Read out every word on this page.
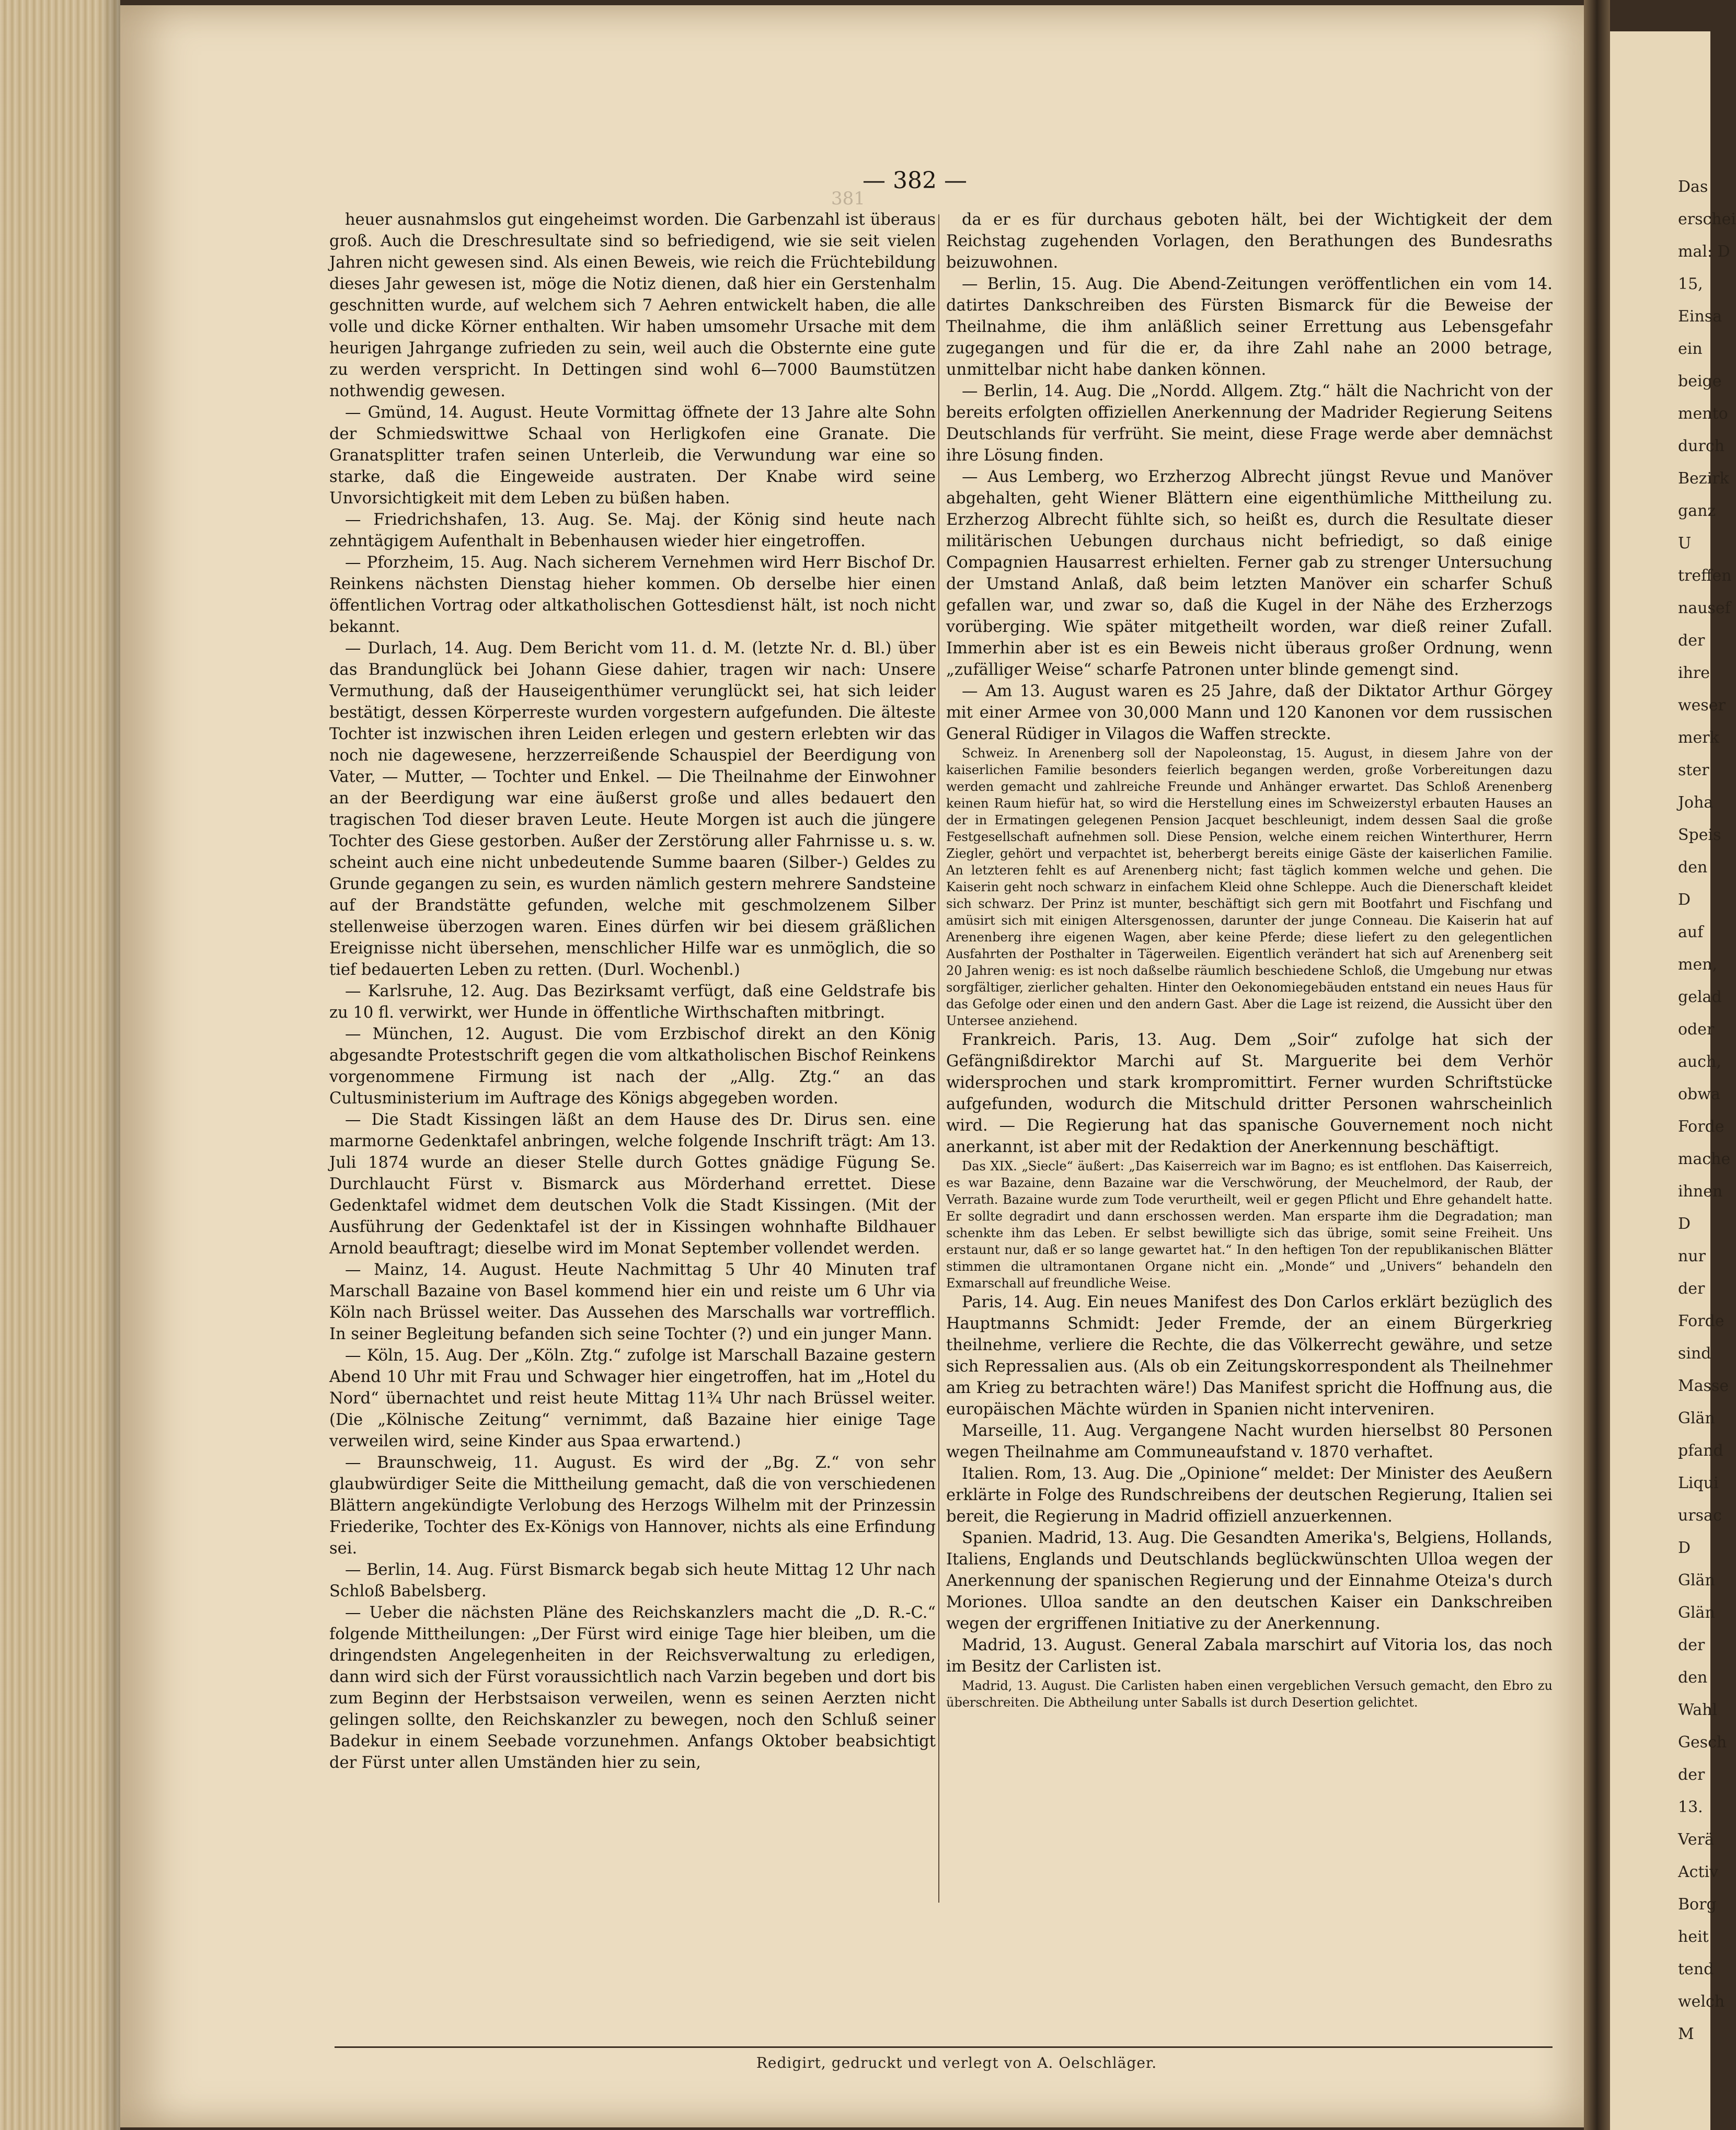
Das
erschei
mal: D
15,
Einsa
ein
beige
mento
durch
Bezirk
ganz
U
treffen
nausef
der
ihre
weser
merk
ster
Joha
Speis
den
D
auf
men,
gelad
oder
auch,
obwa
Forde
mache
ihnen
D
nur
der
Forde
sind
Masse
Glän
pfand
Liqui
ursac
D
Glän
Glän
der
den
Wahl
Gesch
der
13.
Verä
Activ
Borg
heit
tend
welch
M
— 382 —
381

heuer ausnahmslos gut eingeheimst worden. Die Garbenzahl ist überaus groß. Auch die Dreschresultate sind so befriedigend, wie sie seit vielen Jahren nicht gewesen sind. Als einen Beweis, wie reich die Früchtebildung dieses Jahr gewesen ist, möge die Notiz dienen, daß hier ein Gerstenhalm geschnitten wurde, auf welchem sich 7 Aehren entwickelt haben, die alle volle und dicke Körner enthalten. Wir haben umsomehr Ursache mit dem heurigen Jahrgange zufrieden zu sein, weil auch die Obsternte eine gute zu werden verspricht. In Dettingen sind wohl 6—7000 Baumstützen nothwendig gewesen.

— Gmünd, 14. August. Heute Vormittag öffnete der 13 Jahre alte Sohn der Schmiedswittwe Schaal von Herligkofen eine Granate. Die Granatsplitter trafen seinen Unterleib, die Verwundung war eine so starke, daß die Eingeweide austraten. Der Knabe wird seine Unvorsichtigkeit mit dem Leben zu büßen haben.

— Friedrichshafen, 13. Aug. Se. Maj. der König sind heute nach zehntägigem Aufenthalt in Bebenhausen wieder hier eingetroffen.

— Pforzheim, 15. Aug. Nach sicherem Vernehmen wird Herr Bischof Dr. Reinkens nächsten Dienstag hieher kommen. Ob derselbe hier einen öffentlichen Vortrag oder altkatholischen Gottesdienst hält, ist noch nicht bekannt.

— Durlach, 14. Aug. Dem Bericht vom 11. d. M. (letzte Nr. d. Bl.) über das Brandunglück bei Johann Giese dahier, tragen wir nach: Unsere Vermuthung, daß der Hauseigenthümer verunglückt sei, hat sich leider bestätigt, dessen Körperreste wurden vorgestern aufgefunden. Die älteste Tochter ist inzwischen ihren Leiden erlegen und gestern erlebten wir das noch nie dagewesene, herzzerreißende Schauspiel der Beerdigung von Vater, — Mutter, — Tochter und Enkel. — Die Theilnahme der Einwohner an der Beerdigung war eine äußerst große und alles bedauert den tragischen Tod dieser braven Leute. Heute Morgen ist auch die jüngere Tochter des Giese gestorben. Außer der Zerstörung aller Fahrnisse u. s. w. scheint auch eine nicht unbedeutende Summe baaren (Silber-) Geldes zu Grunde gegangen zu sein, es wurden nämlich gestern mehrere Sandsteine auf der Brandstätte gefunden, welche mit geschmolzenem Silber stellenweise überzogen waren. Eines dürfen wir bei diesem gräßlichen Ereignisse nicht übersehen, menschlicher Hilfe war es unmöglich, die so tief bedauerten Leben zu retten. (Durl. Wochenbl.)

— Karlsruhe, 12. Aug. Das Bezirksamt verfügt, daß eine Geldstrafe bis zu 10 fl. verwirkt, wer Hunde in öffentliche Wirthschaften mitbringt.

— München, 12. August. Die vom Erzbischof direkt an den König abgesandte Protestschrift gegen die vom altkatholischen Bischof Reinkens vorgenommene Firmung ist nach der „Allg. Ztg.“ an das Cultusministerium im Auftrage des Königs abgegeben worden.

— Die Stadt Kissingen läßt an dem Hause des Dr. Dirus sen. eine marmorne Gedenktafel anbringen, welche folgende Inschrift trägt: Am 13. Juli 1874 wurde an dieser Stelle durch Gottes gnädige Fügung Se. Durchlaucht Fürst v. Bismarck aus Mörderhand errettet. Diese Gedenktafel widmet dem deutschen Volk die Stadt Kissingen. (Mit der Ausführung der Gedenktafel ist der in Kissingen wohnhafte Bildhauer Arnold beauftragt; dieselbe wird im Monat September vollendet werden.

— Mainz, 14. August. Heute Nachmittag 5 Uhr 40 Minuten traf Marschall Bazaine von Basel kommend hier ein und reiste um 6 Uhr via Köln nach Brüssel weiter. Das Aussehen des Marschalls war vortrefflich. In seiner Begleitung befanden sich seine Tochter (?) und ein junger Mann.

— Köln, 15. Aug. Der „Köln. Ztg.“ zufolge ist Marschall Bazaine gestern Abend 10 Uhr mit Frau und Schwager hier eingetroffen, hat im „Hotel du Nord“ übernachtet und reist heute Mittag 11¾ Uhr nach Brüssel weiter. (Die „Kölnische Zeitung“ vernimmt, daß Bazaine hier einige Tage verweilen wird, seine Kinder aus Spaa erwartend.)

— Braunschweig, 11. August. Es wird der „Bg. Z.“ von sehr glaubwürdiger Seite die Mittheilung gemacht, daß die von verschiedenen Blättern angekündigte Verlobung des Herzogs Wilhelm mit der Prinzessin Friederike, Tochter des Ex-Königs von Hannover, nichts als eine Erfindung sei.

— Berlin, 14. Aug. Fürst Bismarck begab sich heute Mittag 12 Uhr nach Schloß Babelsberg.

— Ueber die nächsten Pläne des Reichskanzlers macht die „D. R.-C.“ folgende Mittheilungen: „Der Fürst wird einige Tage hier bleiben, um die dringendsten Angelegenheiten in der Reichsverwaltung zu erledigen, dann wird sich der Fürst voraussichtlich nach Varzin begeben und dort bis zum Beginn der Herbstsaison verweilen, wenn es seinen Aerzten nicht gelingen sollte, den Reichskanzler zu bewegen, noch den Schluß seiner Badekur in einem Seebade vorzunehmen. Anfangs Oktober beabsichtigt der Fürst unter allen Umständen hier zu sein,

da er es für durchaus geboten hält, bei der Wichtigkeit der dem Reichstag zugehenden Vorlagen, den Berathungen des Bundesraths beizuwohnen.

— Berlin, 15. Aug. Die Abend-Zeitungen veröffentlichen ein vom 14. datirtes Dankschreiben des Fürsten Bismarck für die Beweise der Theilnahme, die ihm anläßlich seiner Errettung aus Lebensgefahr zugegangen und für die er, da ihre Zahl nahe an 2000 betrage, unmittelbar nicht habe danken können.

— Berlin, 14. Aug. Die „Nordd. Allgem. Ztg.“ hält die Nachricht von der bereits erfolgten offiziellen Anerkennung der Madrider Regierung Seitens Deutschlands für verfrüht. Sie meint, diese Frage werde aber demnächst ihre Lösung finden.

— Aus Lemberg, wo Erzherzog Albrecht jüngst Revue und Manöver abgehalten, geht Wiener Blättern eine eigenthümliche Mittheilung zu. Erzherzog Albrecht fühlte sich, so heißt es, durch die Resultate dieser militärischen Uebungen durchaus nicht befriedigt, so daß einige Compagnien Hausarrest erhielten. Ferner gab zu strenger Untersuchung der Umstand Anlaß, daß beim letzten Manöver ein scharfer Schuß gefallen war, und zwar so, daß die Kugel in der Nähe des Erzherzogs vorüberging. Wie später mitgetheilt worden, war dieß reiner Zufall. Immerhin aber ist es ein Beweis nicht überaus großer Ordnung, wenn „zufälliger Weise“ scharfe Patronen unter blinde gemengt sind.

— Am 13. August waren es 25 Jahre, daß der Diktator Arthur Görgey mit einer Armee von 30,000 Mann und 120 Kanonen vor dem russischen General Rüdiger in Vilagos die Waffen streckte.

Schweiz. In Arenenberg soll der Napoleonstag, 15. August, in diesem Jahre von der kaiserlichen Familie besonders feierlich begangen werden, große Vorbereitungen dazu werden gemacht und zahlreiche Freunde und Anhänger erwartet. Das Schloß Arenenberg keinen Raum hiefür hat, so wird die Herstellung eines im Schweizerstyl erbauten Hauses an der in Ermatingen gelegenen Pension Jacquet beschleunigt, indem dessen Saal die große Festgesellschaft aufnehmen soll. Diese Pension, welche einem reichen Winterthurer, Herrn Ziegler, gehört und verpachtet ist, beherbergt bereits einige Gäste der kaiserlichen Familie. An letzteren fehlt es auf Arenenberg nicht; fast täglich kommen welche und gehen. Die Kaiserin geht noch schwarz in einfachem Kleid ohne Schleppe. Auch die Dienerschaft kleidet sich schwarz. Der Prinz ist munter, beschäftigt sich gern mit Bootfahrt und Fischfang und amüsirt sich mit einigen Altersgenossen, darunter der junge Conneau. Die Kaiserin hat auf Arenenberg ihre eigenen Wagen, aber keine Pferde; diese liefert zu den gelegentlichen Ausfahrten der Posthalter in Tägerweilen. Eigentlich verändert hat sich auf Arenenberg seit 20 Jahren wenig: es ist noch daßselbe räumlich beschiedene Schloß, die Umgebung nur etwas sorgfältiger, zierlicher gehalten. Hinter den Oekonomiegebäuden entstand ein neues Haus für das Gefolge oder einen und den andern Gast. Aber die Lage ist reizend, die Aussicht über den Untersee anziehend.

Frankreich. Paris, 13. Aug. Dem „Soir“ zufolge hat sich der Gefängnißdirektor Marchi auf St. Marguerite bei dem Verhör widersprochen und stark krompromittirt. Ferner wurden Schriftstücke aufgefunden, wodurch die Mitschuld dritter Personen wahrscheinlich wird. — Die Regierung hat das spanische Gouvernement noch nicht anerkannt, ist aber mit der Redaktion der Anerkennung beschäftigt.

Das XIX. „Siecle“ äußert: „Das Kaiserreich war im Bagno; es ist entflohen. Das Kaiserreich, es war Bazaine, denn Bazaine war die Verschwörung, der Meuchelmord, der Raub, der Verrath. Bazaine wurde zum Tode verurtheilt, weil er gegen Pflicht und Ehre gehandelt hatte. Er sollte degradirt und dann erschossen werden. Man ersparte ihm die Degradation; man schenkte ihm das Leben. Er selbst bewilligte sich das übrige, somit seine Freiheit. Uns erstaunt nur, daß er so lange gewartet hat.“ In den heftigen Ton der republikanischen Blätter stimmen die ultramontanen Organe nicht ein. „Monde“ und „Univers“ behandeln den Exmarschall auf freundliche Weise.

Paris, 14. Aug. Ein neues Manifest des Don Carlos erklärt bezüglich des Hauptmanns Schmidt: Jeder Fremde, der an einem Bürgerkrieg theilnehme, verliere die Rechte, die das Völkerrecht gewähre, und setze sich Repressalien aus. (Als ob ein Zeitungskorrespondent als Theilnehmer am Krieg zu betrachten wäre!) Das Manifest spricht die Hoffnung aus, die europäischen Mächte würden in Spanien nicht interveniren.

Marseille, 11. Aug. Vergangene Nacht wurden hierselbst 80 Personen wegen Theilnahme am Communeaufstand v. 1870 verhaftet.

Italien. Rom, 13. Aug. Die „Opinione“ meldet: Der Minister des Aeußern erklärte in Folge des Rundschreibens der deutschen Regierung, Italien sei bereit, die Regierung in Madrid offiziell anzuerkennen.

Spanien. Madrid, 13. Aug. Die Gesandten Amerika's, Belgiens, Hollands, Italiens, Englands und Deutschlands beglückwünschten Ulloa wegen der Anerkennung der spanischen Regierung und der Einnahme Oteiza's durch Moriones. Ulloa sandte an den deutschen Kaiser ein Dankschreiben wegen der ergriffenen Initiative zu der Anerkennung.

Madrid, 13. August. General Zabala marschirt auf Vitoria los, das noch im Besitz der Carlisten ist.

Madrid, 13. August. Die Carlisten haben einen vergeblichen Versuch gemacht, den Ebro zu überschreiten. Die Abtheilung unter Saballs ist durch Desertion gelichtet.

Redigirt, gedruckt und verlegt von A. Oelschläger.
